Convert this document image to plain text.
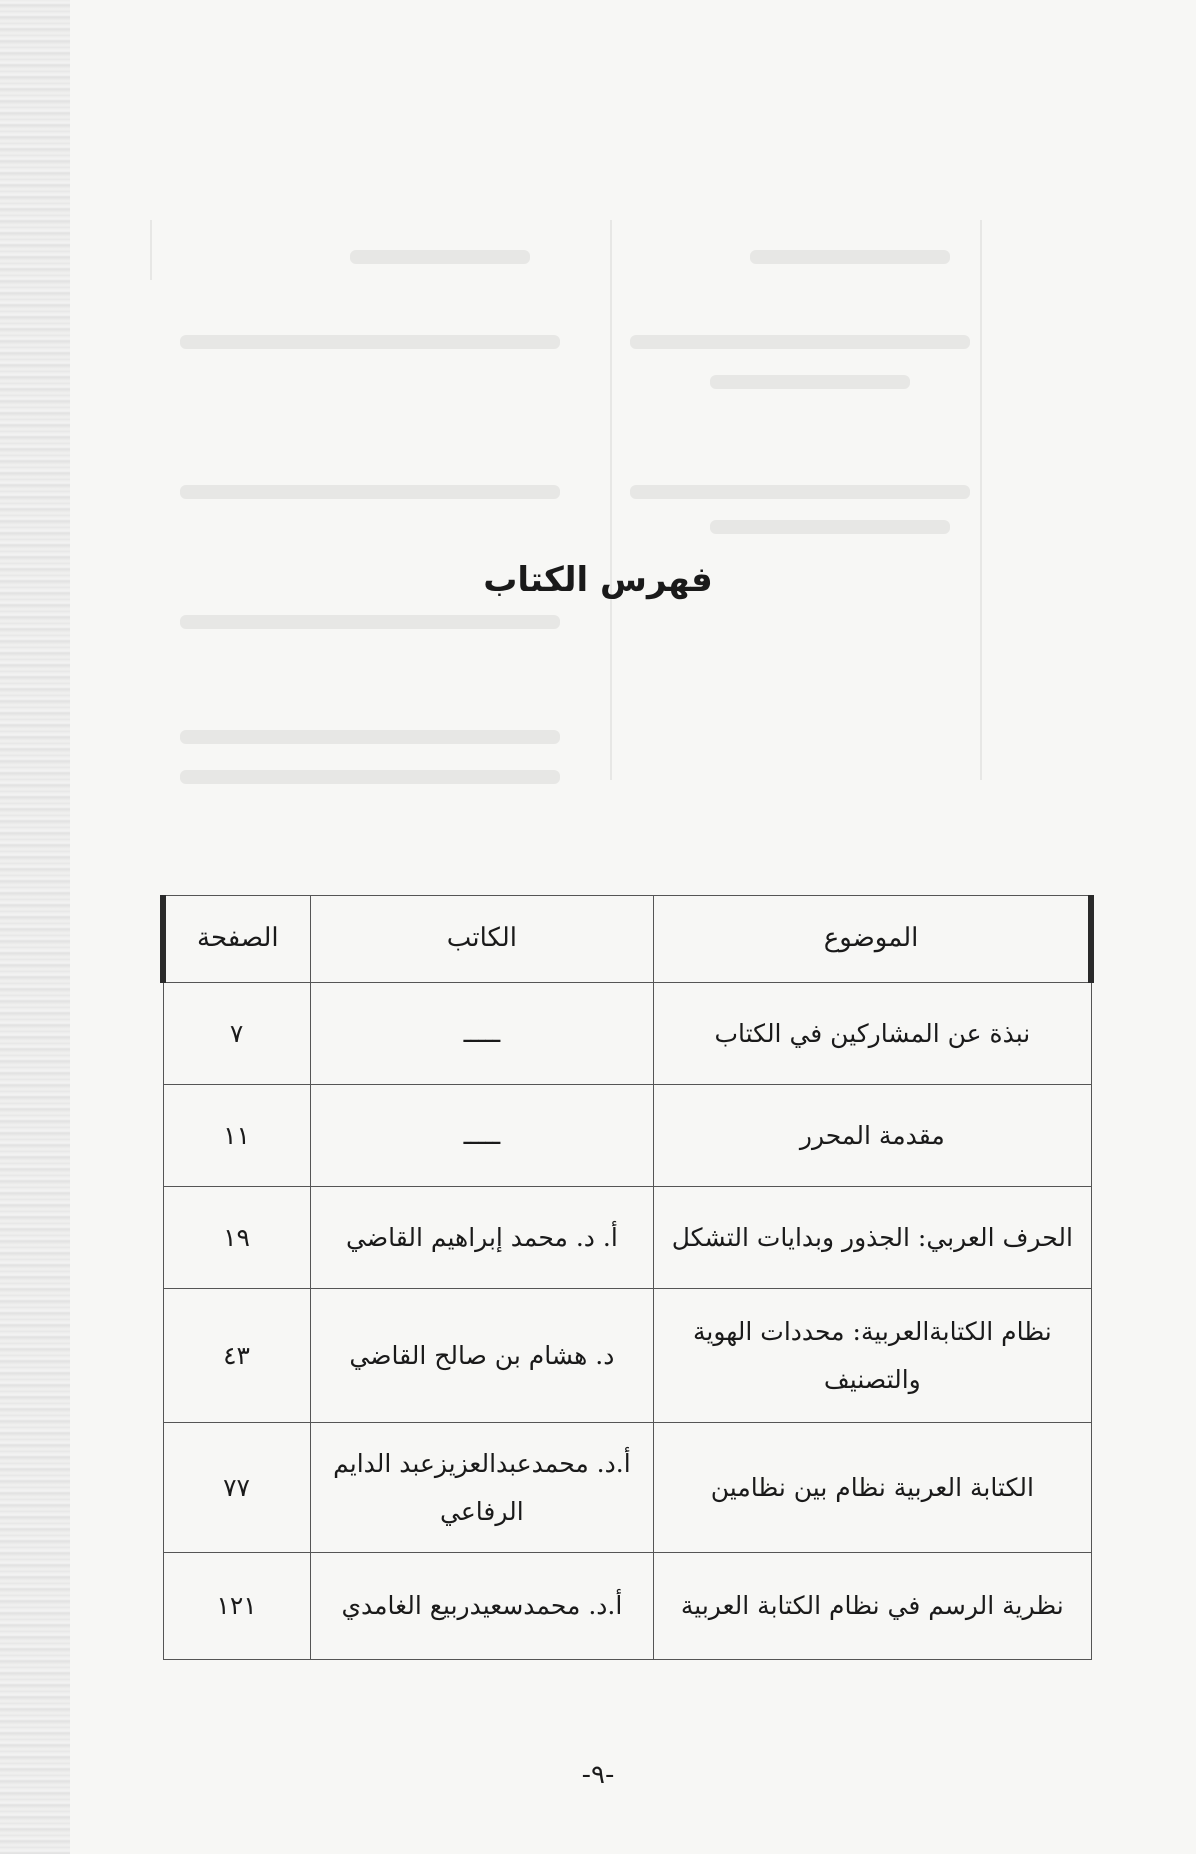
فهرس الكتاب
الموضوع	الكاتب	الصفحة
نبذة عن المشاركين في الكتاب	ـــــ	٧
مقدمة المحرر	ـــــ	١١
الحرف العربي: الجذور وبدايات التشكل	أ. د. محمد إبراهيم القاضي	١٩
نظام الكتابةالعربية: محددات الهوية والتصنيف	د. هشام بن صالح القاضي	٤٣
الكتابة العربية نظام بين نظامين	أ.د. محمدعبدالعزيزعبد الدايم الرفاعي	٧٧
نظرية الرسم في نظام الكتابة العربية	أ.د. محمدسعيدربيع الغامدي	١٢١
-٩-
